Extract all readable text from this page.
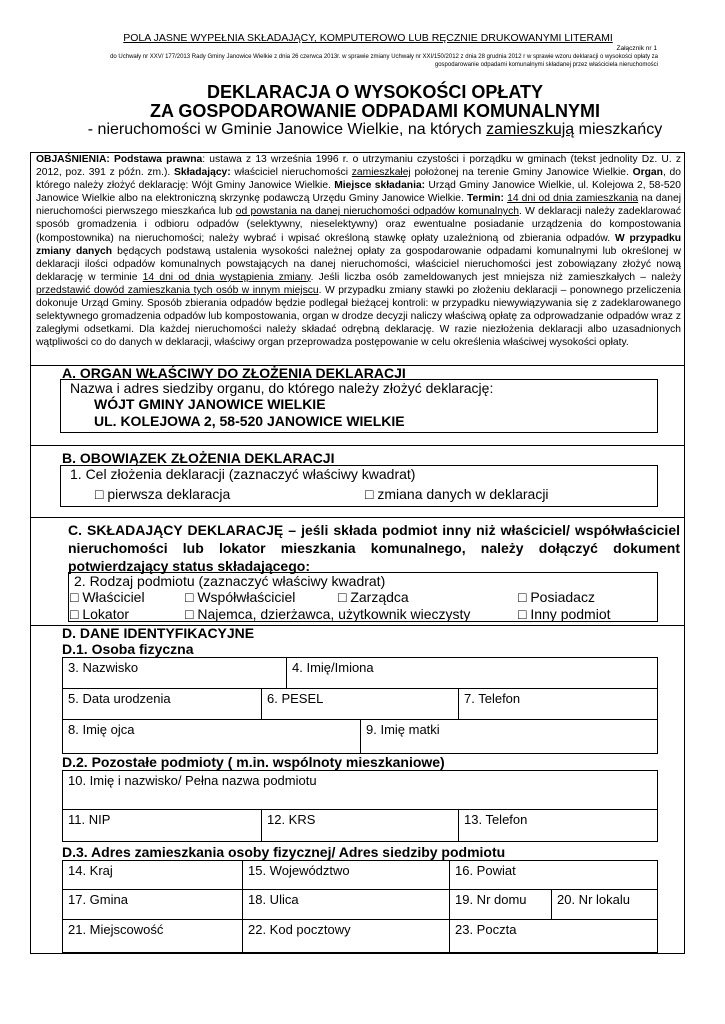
POLA JASNE WYPEŁNIA SKŁADAJĄCY, KOMPUTEROWO LUB RĘCZNIE DRUKOWANYMI LITERAMI
Załącznik nr 1
do Uchwały nr XXV/ 177/2013 Rady Gminy Janowice Wielkie z dnia 26 czerwca 2013r. w sprawie zmiany Uchwały nr XXI/150/2012 z dnia 28 grudnia 2012 r w sprawie wzoru deklaracji o wysokości opłaty za
gospodarowanie odpadami komunalnymi składanej przez właściciela nieruchomości
DEKLARACJA O WYSOKOŚCI OPŁATY
ZA GOSPODAROWANIE ODPADAMI KOMUNALNYMI
- nieruchomości w Gminie Janowice Wielkie, na których zamieszkują mieszkańcy
OBJAŚNIENIA: Podstawa prawna: ustawa z 13 września 1996 r. o utrzymaniu czystości i porządku w gminach (tekst jednolity Dz. U. z 2012, poz. 391 z późn. zm.). Składający: właściciel nieruchomości zamieszkałej położonej na terenie Gminy Janowice Wielkie. Organ, do którego należy złożyć deklarację: Wójt Gminy Janowice Wielkie. Miejsce składania: Urząd Gminy Janowice Wielkie, ul. Kolejowa 2, 58-520 Janowice Wielkie albo na elektroniczną skrzynkę podawczą Urzędu Gminy Janowice Wielkie. Termin: 14 dni od dnia zamieszkania na danej nieruchomości pierwszego mieszkańca lub od powstania na danej nieruchomości odpadów komunalnych. W deklaracji należy zadeklarować sposób gromadzenia i odbioru odpadów (selektywny, nieselektywny) oraz ewentualne posiadanie urządzenia do kompostowania (kompostownika) na nieruchomości; należy wybrać i wpisać określoną stawkę opłaty uzależnioną od zbierania odpadów. W przypadku zmiany danych będących podstawą ustalenia wysokości należnej opłaty za gospodarowanie odpadami komunalnymi lub określonej w deklaracji ilości odpadów komunalnych powstających na danej nieruchomości, właściciel nieruchomości jest zobowiązany złożyć nową deklarację w terminie 14 dni od dnia wystąpienia zmiany. Jeśli liczba osób zameldowanych jest mniejsza niż zamieszkałych – należy przedstawić dowód zamieszkania tych osób w innym miejscu. W przypadku zmiany stawki po złożeniu deklaracji – ponownego przeliczenia dokonuje Urząd Gminy. Sposób zbierania odpadów będzie podlegał bieżącej kontroli: w przypadku niewywiązywania się z zadeklarowanego selektywnego gromadzenia odpadów lub kompostowania, organ w drodze decyzji naliczy właściwą opłatę za odprowadzanie odpadów wraz z zaległymi odsetkami. Dla każdej nieruchomości należy składać odrębną deklarację. W razie niezłożenia deklaracji albo uzasadnionych wątpliwości co do danych w deklaracji, właściwy organ przeprowadza postępowanie w celu określenia właściwej wysokości opłaty.
A. ORGAN WŁAŚCIWY DO ZŁOŻENIA DEKLARACJI
Nazwa i adres siedziby organu, do którego należy złożyć deklarację:
WÓJT GMINY JANOWICE WIELKIE
UL. KOLEJOWA 2, 58-520 JANOWICE WIELKIE
B. OBOWIĄZEK ZŁOŻENIA DEKLARACJI
1. Cel złożenia deklaracji (zaznaczyć właściwy kwadrat)
□ pierwsza deklaracja	□ zmiana danych w deklaracji
C. SKŁADAJĄCY DEKLARACJĘ – jeśli składa podmiot inny niż właściciel/ współwłaściciel nieruchomości lub lokator mieszkania komunalnego, należy dołączyć dokument potwierdzający status składającego:
2. Rodzaj podmiotu (zaznaczyć właściwy kwadrat)
□ Właściciel	□ Współwłaściciel	□ Zarządca	□ Posiadacz
□ Lokator	□ Najemca, dzierżawca, użytkownik wieczysty	□ Inny podmiot
D. DANE IDENTYFIKACYJNE
D.1. Osoba fizyczna
3. Nazwisko	4. Imię/Imiona
5. Data urodzenia	6. PESEL	7. Telefon
8. Imię ojca	9. Imię matki
D.2. Pozostałe podmioty ( m.in. wspólnoty mieszkaniowe)
10. Imię i nazwisko/ Pełna nazwa podmiotu
11. NIP	12. KRS	13. Telefon
D.3. Adres zamieszkania osoby fizycznej/ Adres siedziby podmiotu
14. Kraj	15. Województwo	16. Powiat
17. Gmina	18. Ulica	19. Nr domu	20. Nr lokalu
21. Miejscowość	22. Kod pocztowy	23. Poczta
